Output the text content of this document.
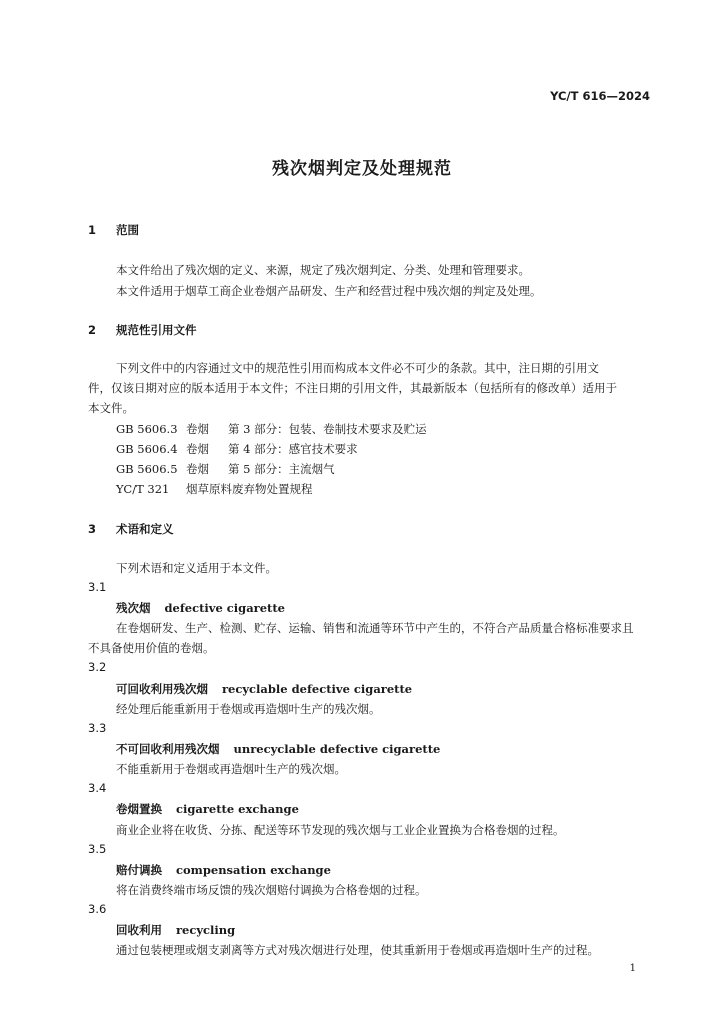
YC/T 616—2024
残次烟判定及处理规范
1 范围
本文件给出了残次烟的定义、来源，规定了残次烟判定、分类、处理和管理要求。
本文件适用于烟草工商企业卷烟产品研发、生产和经营过程中残次烟的判定及处理。
2 规范性引用文件
下列文件中的内容通过文中的规范性引用而构成本文件必不可少的条款。其中，注日期的引用文
件，仅该日期对应的版本适用于本文件；不注日期的引用文件，其最新版本（包括所有的修改单）适用于
本文件。
GB 5606.3 卷烟 第 3 部分：包装、卷制技术要求及贮运
GB 5606.4 卷烟 第 4 部分：感官技术要求
GB 5606.5 卷烟 第 5 部分：主流烟气
YC/T 321 烟草原料废弃物处置规程
3 术语和定义
下列术语和定义适用于本文件。
3.1
残次烟 defective cigarette
在卷烟研发、生产、检测、贮存、运输、销售和流通等环节中产生的，不符合产品质量合格标准要求且
不具备使用价值的卷烟。
3.2
可回收利用残次烟 recyclable defective cigarette
经处理后能重新用于卷烟或再造烟叶生产的残次烟。
3.3
不可回收利用残次烟 unrecyclable defective cigarette
不能重新用于卷烟或再造烟叶生产的残次烟。
3.4
卷烟置换 cigarette exchange
商业企业将在收货、分拣、配送等环节发现的残次烟与工业企业置换为合格卷烟的过程。
3.5
赔付调换 compensation exchange
将在消费终端市场反馈的残次烟赔付调换为合格卷烟的过程。
3.6
回收利用 recycling
通过包装梗理或烟支剥离等方式对残次烟进行处理，使其重新用于卷烟或再造烟叶生产的过程。
1
